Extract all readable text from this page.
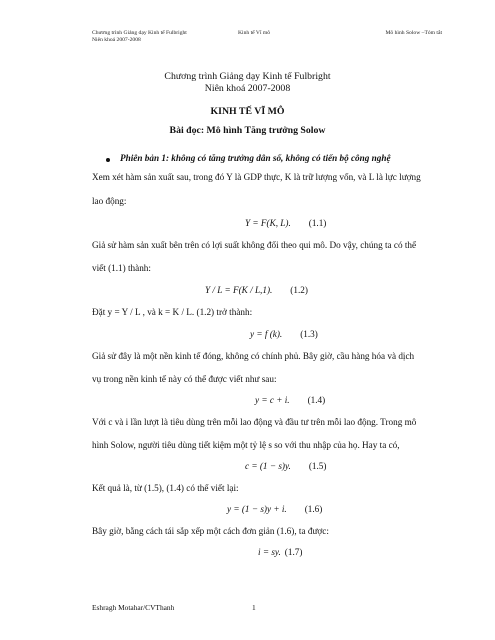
Chương trình Giảng dạy Kinh tế Fulbright
Niên khoá 2007-2008
Kinh tế Vĩ mô	Mô hình Solow –Tóm tắt
Chương trình Giảng dạy Kinh tế Fulbright
Niên khoá 2007-2008
KINH TẾ VĨ MÔ
Bài đọc: Mô hình Tăng trưởng Solow
Phiên bản 1: không có tăng trưởng dân số, không có tiến bộ công nghệ
Xem xét hàm sản xuất sau, trong đó Y là GDP thực, K là trữ lượng vốn, và L là lực lượng
lao động:
Y = F(K, L). (1.1)
Giả sử hàm sản xuất bên trên có lợi suất không đổi theo qui mô. Do vậy, chúng ta có thể
viết (1.1) thành:
Y / L = F(K / L,1). (1.2)
Đặt y = Y / L , và k = K / L. (1.2) trở thành:
y = f (k). (1.3)
Giả sử đây là một nền kinh tế đóng, không có chính phủ. Bây giờ, cầu hàng hóa và dịch
vụ trong nền kinh tế này có thể được viết như sau:
y = c + i. (1.4)
Với c và i lần lượt là tiêu dùng trên mỗi lao động và đầu tư trên mỗi lao động. Trong mô
hình Solow, người tiêu dùng tiết kiệm một tỷ lệ s so với thu nhập của họ. Hay ta có,
c = (1 − s)y. (1.5)
Kết quả là, từ (1.5), (1.4) có thể viết lại:
y = (1 − s)y + i. (1.6)
Bây giờ, bằng cách tái sắp xếp một cách đơn giản (1.6), ta được:
i = sy. (1.7)
Eshragh Motahar/CVThanh	1
